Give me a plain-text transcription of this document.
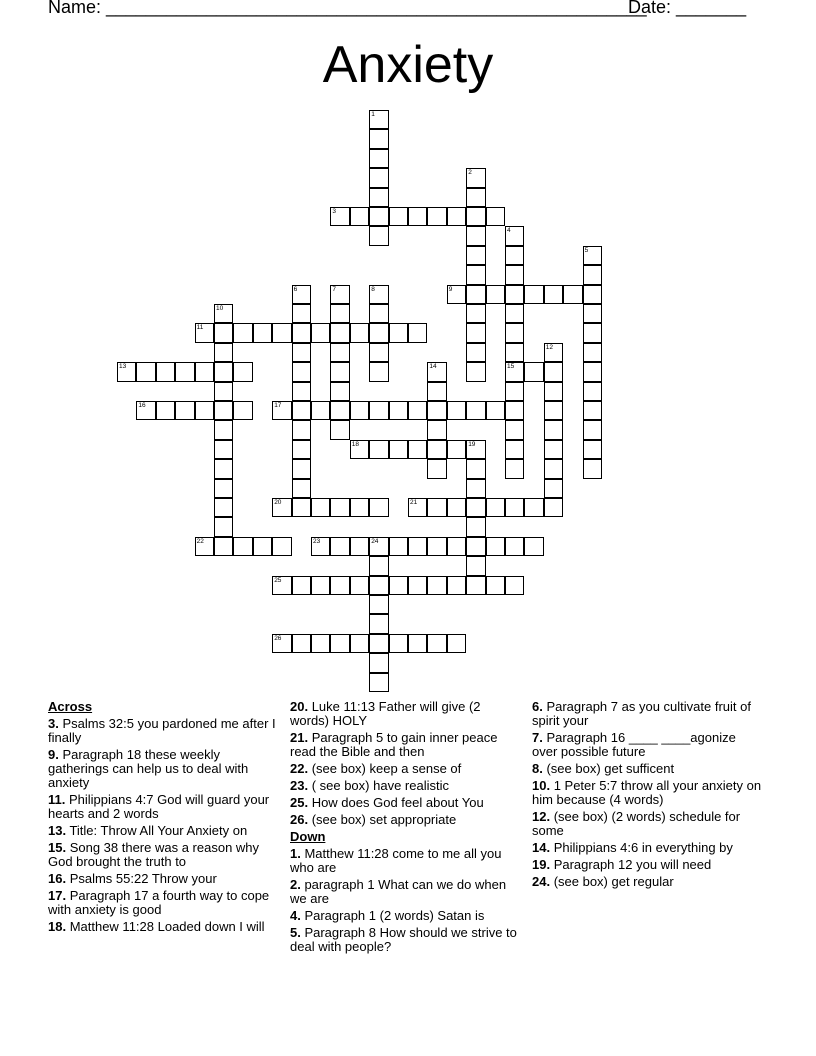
Name: ______________________________________________________
Date: _______
Anxiety
1
2
3
4
15
5
6	7	8	9
10
11
12
13	14
16	17
18	19
20	21
22	23	24
25
26
Across
3. Psalms 32:5 you pardoned me after I finally
9. Paragraph 18 these weekly gatherings can help us to deal with anxiety
11. Philippians 4:7 God will guard your hearts and 2 words
13. Title: Throw All Your Anxiety on
15. Song 38 there was a reason why God brought the truth to
16. Psalms 55:22 Throw your
17. Paragraph 17 a fourth way to cope with anxiety is good
18. Matthew 11:28 Loaded down I will
20. Luke 11:13 Father will give (2 words) HOLY
21. Paragraph 5 to gain inner peace read the Bible and then
22. (see box) keep a sense of
23. ( see box) have realistic
25. How does God feel about You
26. (see box) set appropriate
Down
1. Matthew 11:28 come to me all you who are
2. paragraph 1 What can we do when we are
4. Paragraph 1 (2 words) Satan is
5. Paragraph 8 How should we strive to deal with people?
6. Paragraph 7 as you cultivate fruit of spirit your
7. Paragraph 16 ____ ____agonize over possible future
8. (see box) get sufficent
10. 1 Peter 5:7 throw all your anxiety on him because (4 words)
12. (see box) (2 words) schedule for some
14. Philippians 4:6 in everything by
19. Paragraph 12 you will need
24. (see box) get regular
